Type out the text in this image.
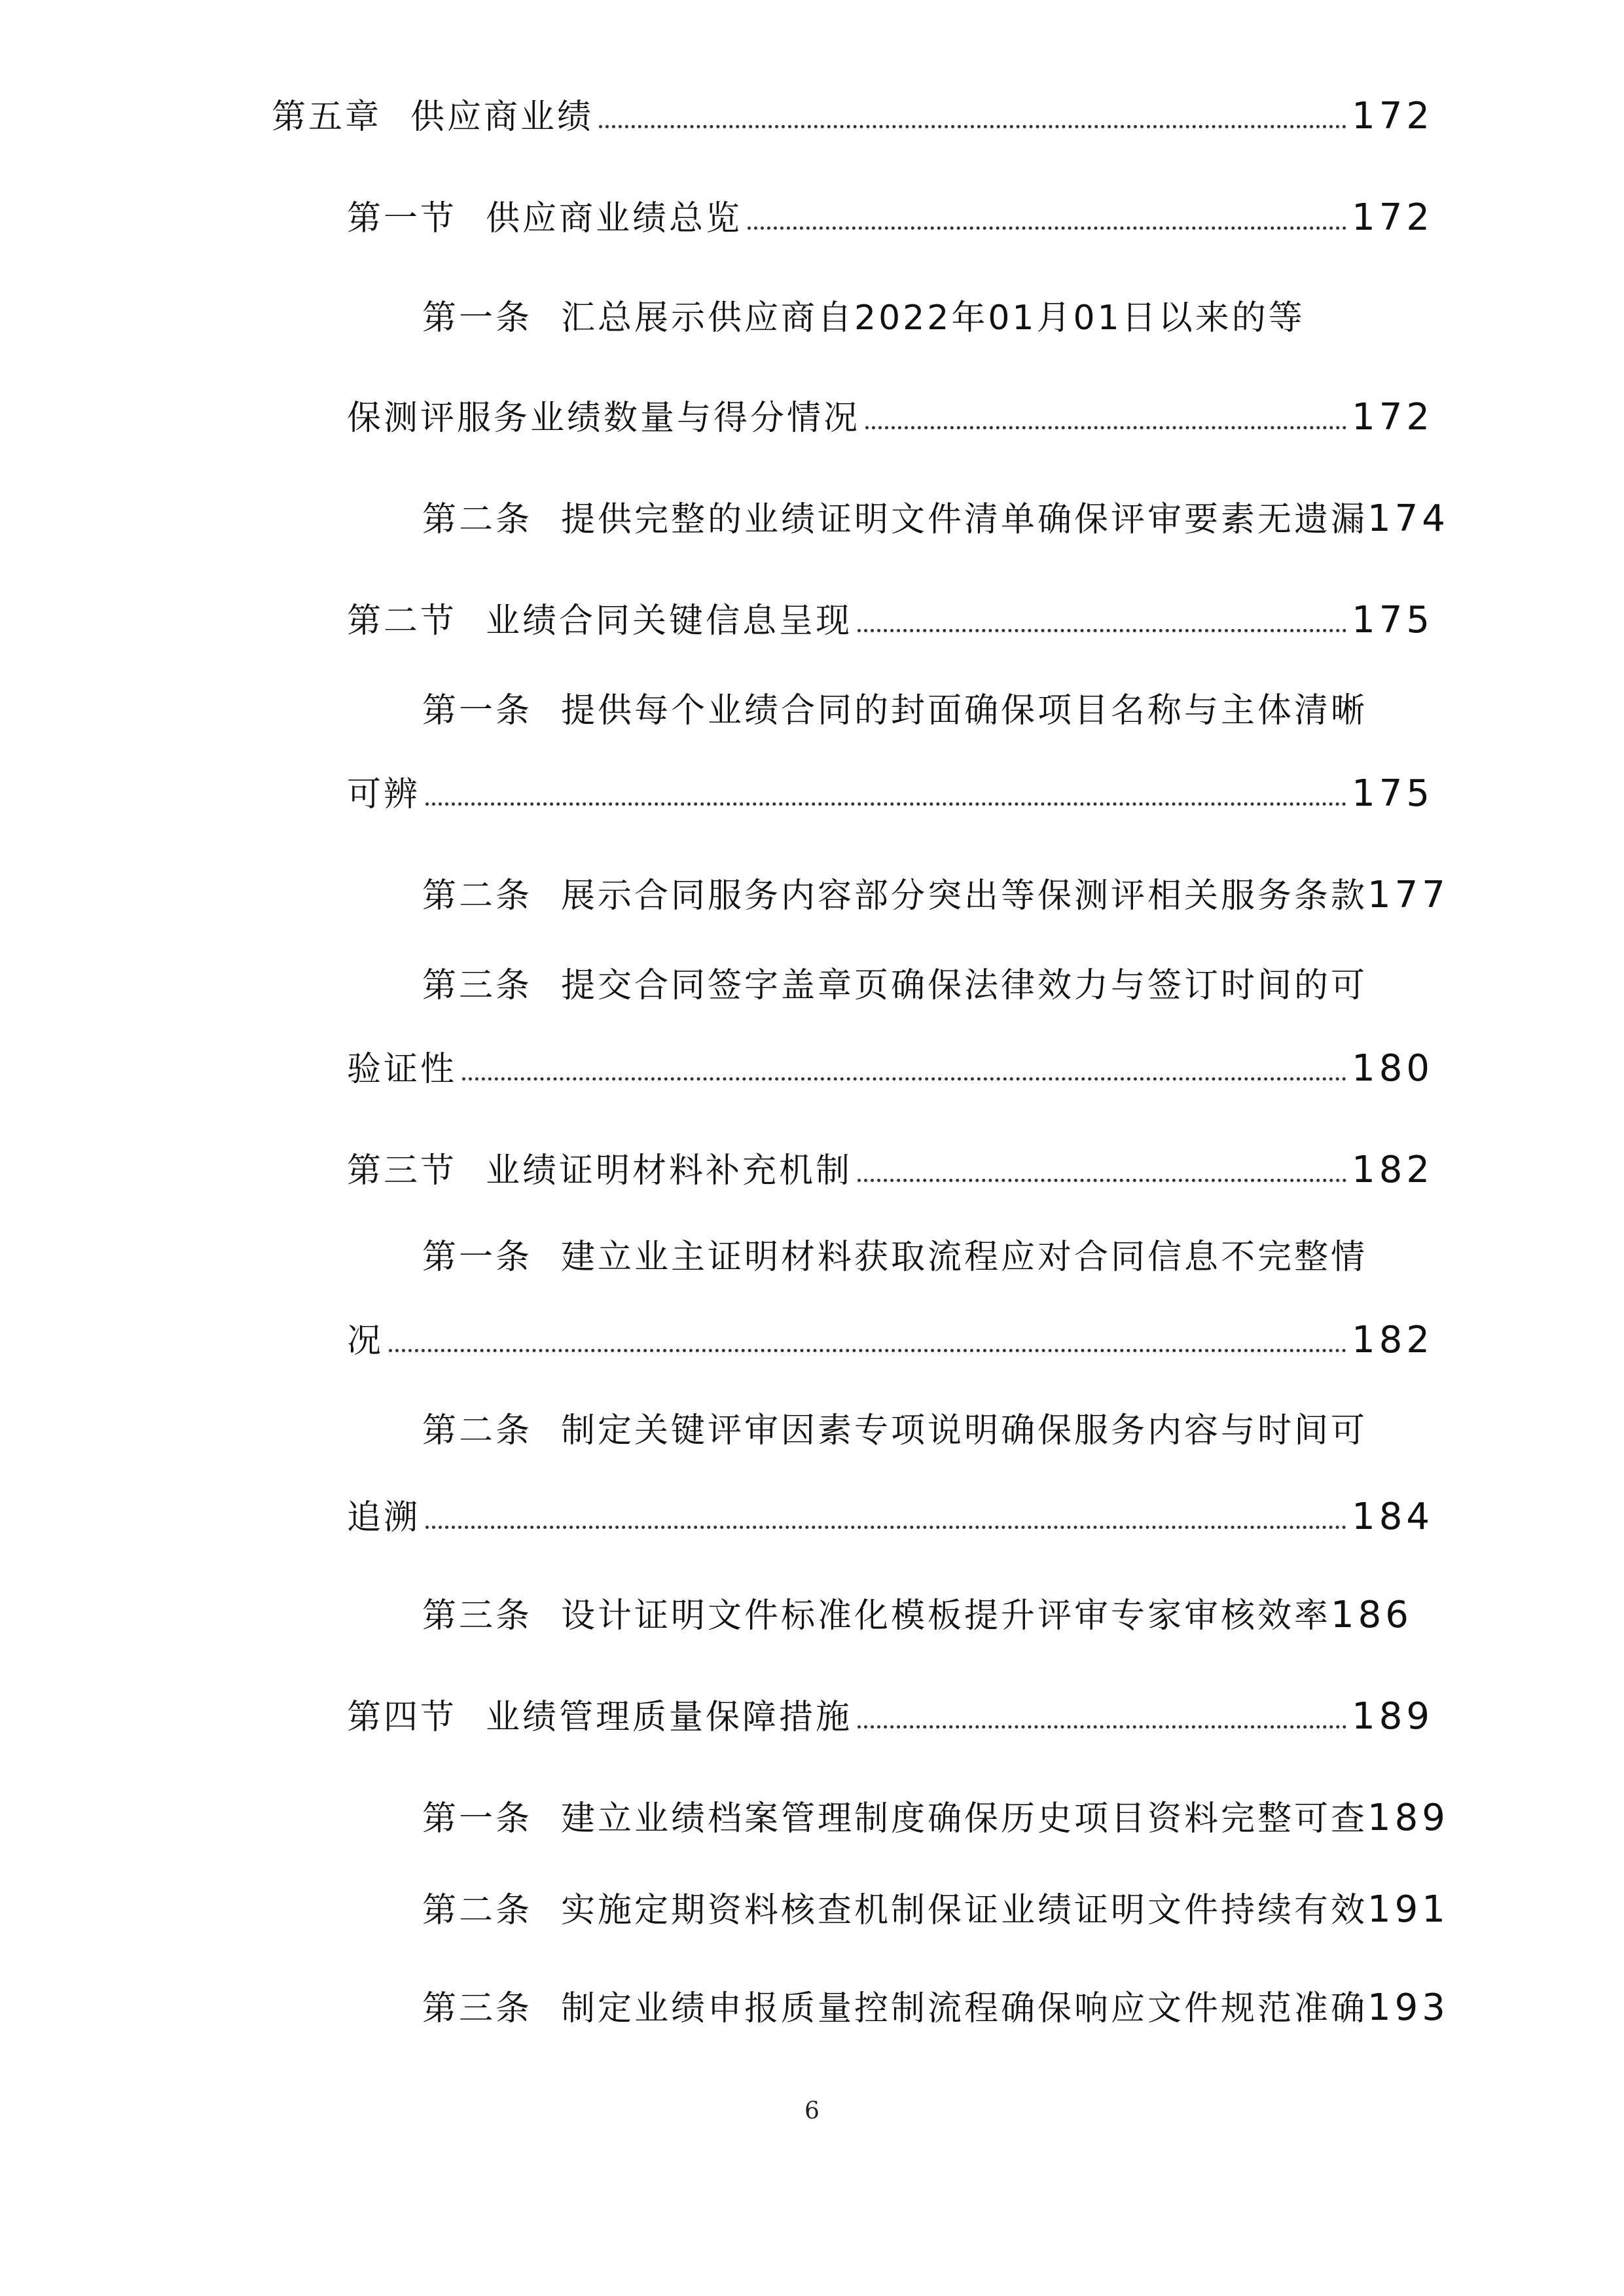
第五章 供应商业绩	172
第一节 供应商业绩总览	172
第一条 汇总展示供应商自2022年01月01日以来的等
保测评服务业绩数量与得分情况	172
第二条 提供完整的业绩证明文件清单确保评审要素无遗漏 174
第二节 业绩合同关键信息呈现	175
第一条 提供每个业绩合同的封面确保项目名称与主体清晰
可辨	175
第二条 展示合同服务内容部分突出等保测评相关服务条款 177
第三条 提交合同签字盖章页确保法律效力与签订时间的可
验证性	180
第三节 业绩证明材料补充机制	182
第一条 建立业主证明材料获取流程应对合同信息不完整情
况	182
第二条 制定关键评审因素专项说明确保服务内容与时间可
追溯	184
第三条 设计证明文件标准化模板提升评审专家审核效率 186
第四节 业绩管理质量保障措施	189
第一条 建立业绩档案管理制度确保历史项目资料完整可查 189
第二条 实施定期资料核查机制保证业绩证明文件持续有效 191
第三条 制定业绩申报质量控制流程确保响应文件规范准确 193
6
